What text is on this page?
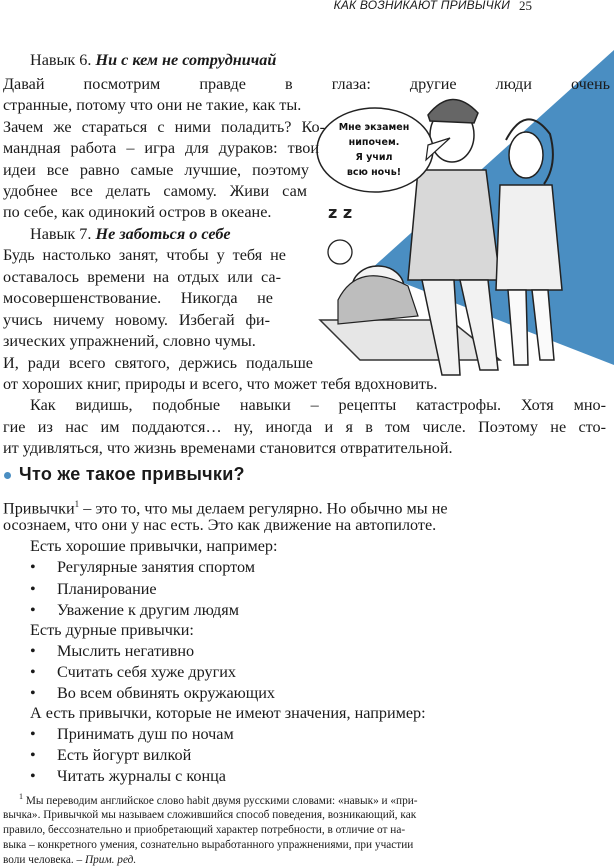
КАК ВОЗНИКАЮТ ПРИВЫЧКИ 25
z z
Мне экзамен
нипочем.
Я учил
всю ночь!
Навык 6. Ни с кем не сотрудничай
Давай посмотрим правде в глаза: другие люди очень
странные, потому что они не такие, как ты.
Зачем же стараться с ними поладить? Ко-
мандная работа – игра для дураков: твои
идеи все равно самые лучшие, поэтому
удобнее все делать самому. Живи сам
по себе, как одинокий остров в океане.
Навык 7. Не заботься о себе
Будь настолько занят, чтобы у тебя не
оставалось времени на отдых или са-
мосовершенствование. Никогда не
учись ничему новому. Избегай фи-
зических упражнений, словно чумы.
И, ради всего святого, держись подальше
от хороших книг, природы и всего, что может тебя вдохновить.
Как видишь, подобные навыки – рецепты катастрофы. Хотя мно-
гие из нас им поддаются… ну, иногда и я в том числе. Поэтому не сто-
ит удивляться, что жизнь временами становится отвратительной.
Что же такое привычки?
Привычки$^1$ – это то, что мы делаем регулярно. Но обычно мы не
осознаем, что они у нас есть. Это как движение на автопилоте.
Есть хорошие привычки, например:
• Регулярные занятия спортом
• Планирование
• Уважение к другим людям
Есть дурные привычки:
• Мыслить негативно
• Считать себя хуже других
• Во всем обвинять окружающих
А есть привычки, которые не имеют значения, например:
• Принимать душ по ночам
• Есть йогурт вилкой
• Читать журналы с конца
$^1$ Мы переводим английское слово habit двумя русскими словами: «навык» и «при-
вычка». Привычкой мы называем сложившийся способ поведения, возникающий, как
правило, бессознательно и приобретающий характер потребности, в отличие от на-
выка – конкретного умения, сознательно выработанного упражнениями, при участии
воли человека. – Прим. ред.
